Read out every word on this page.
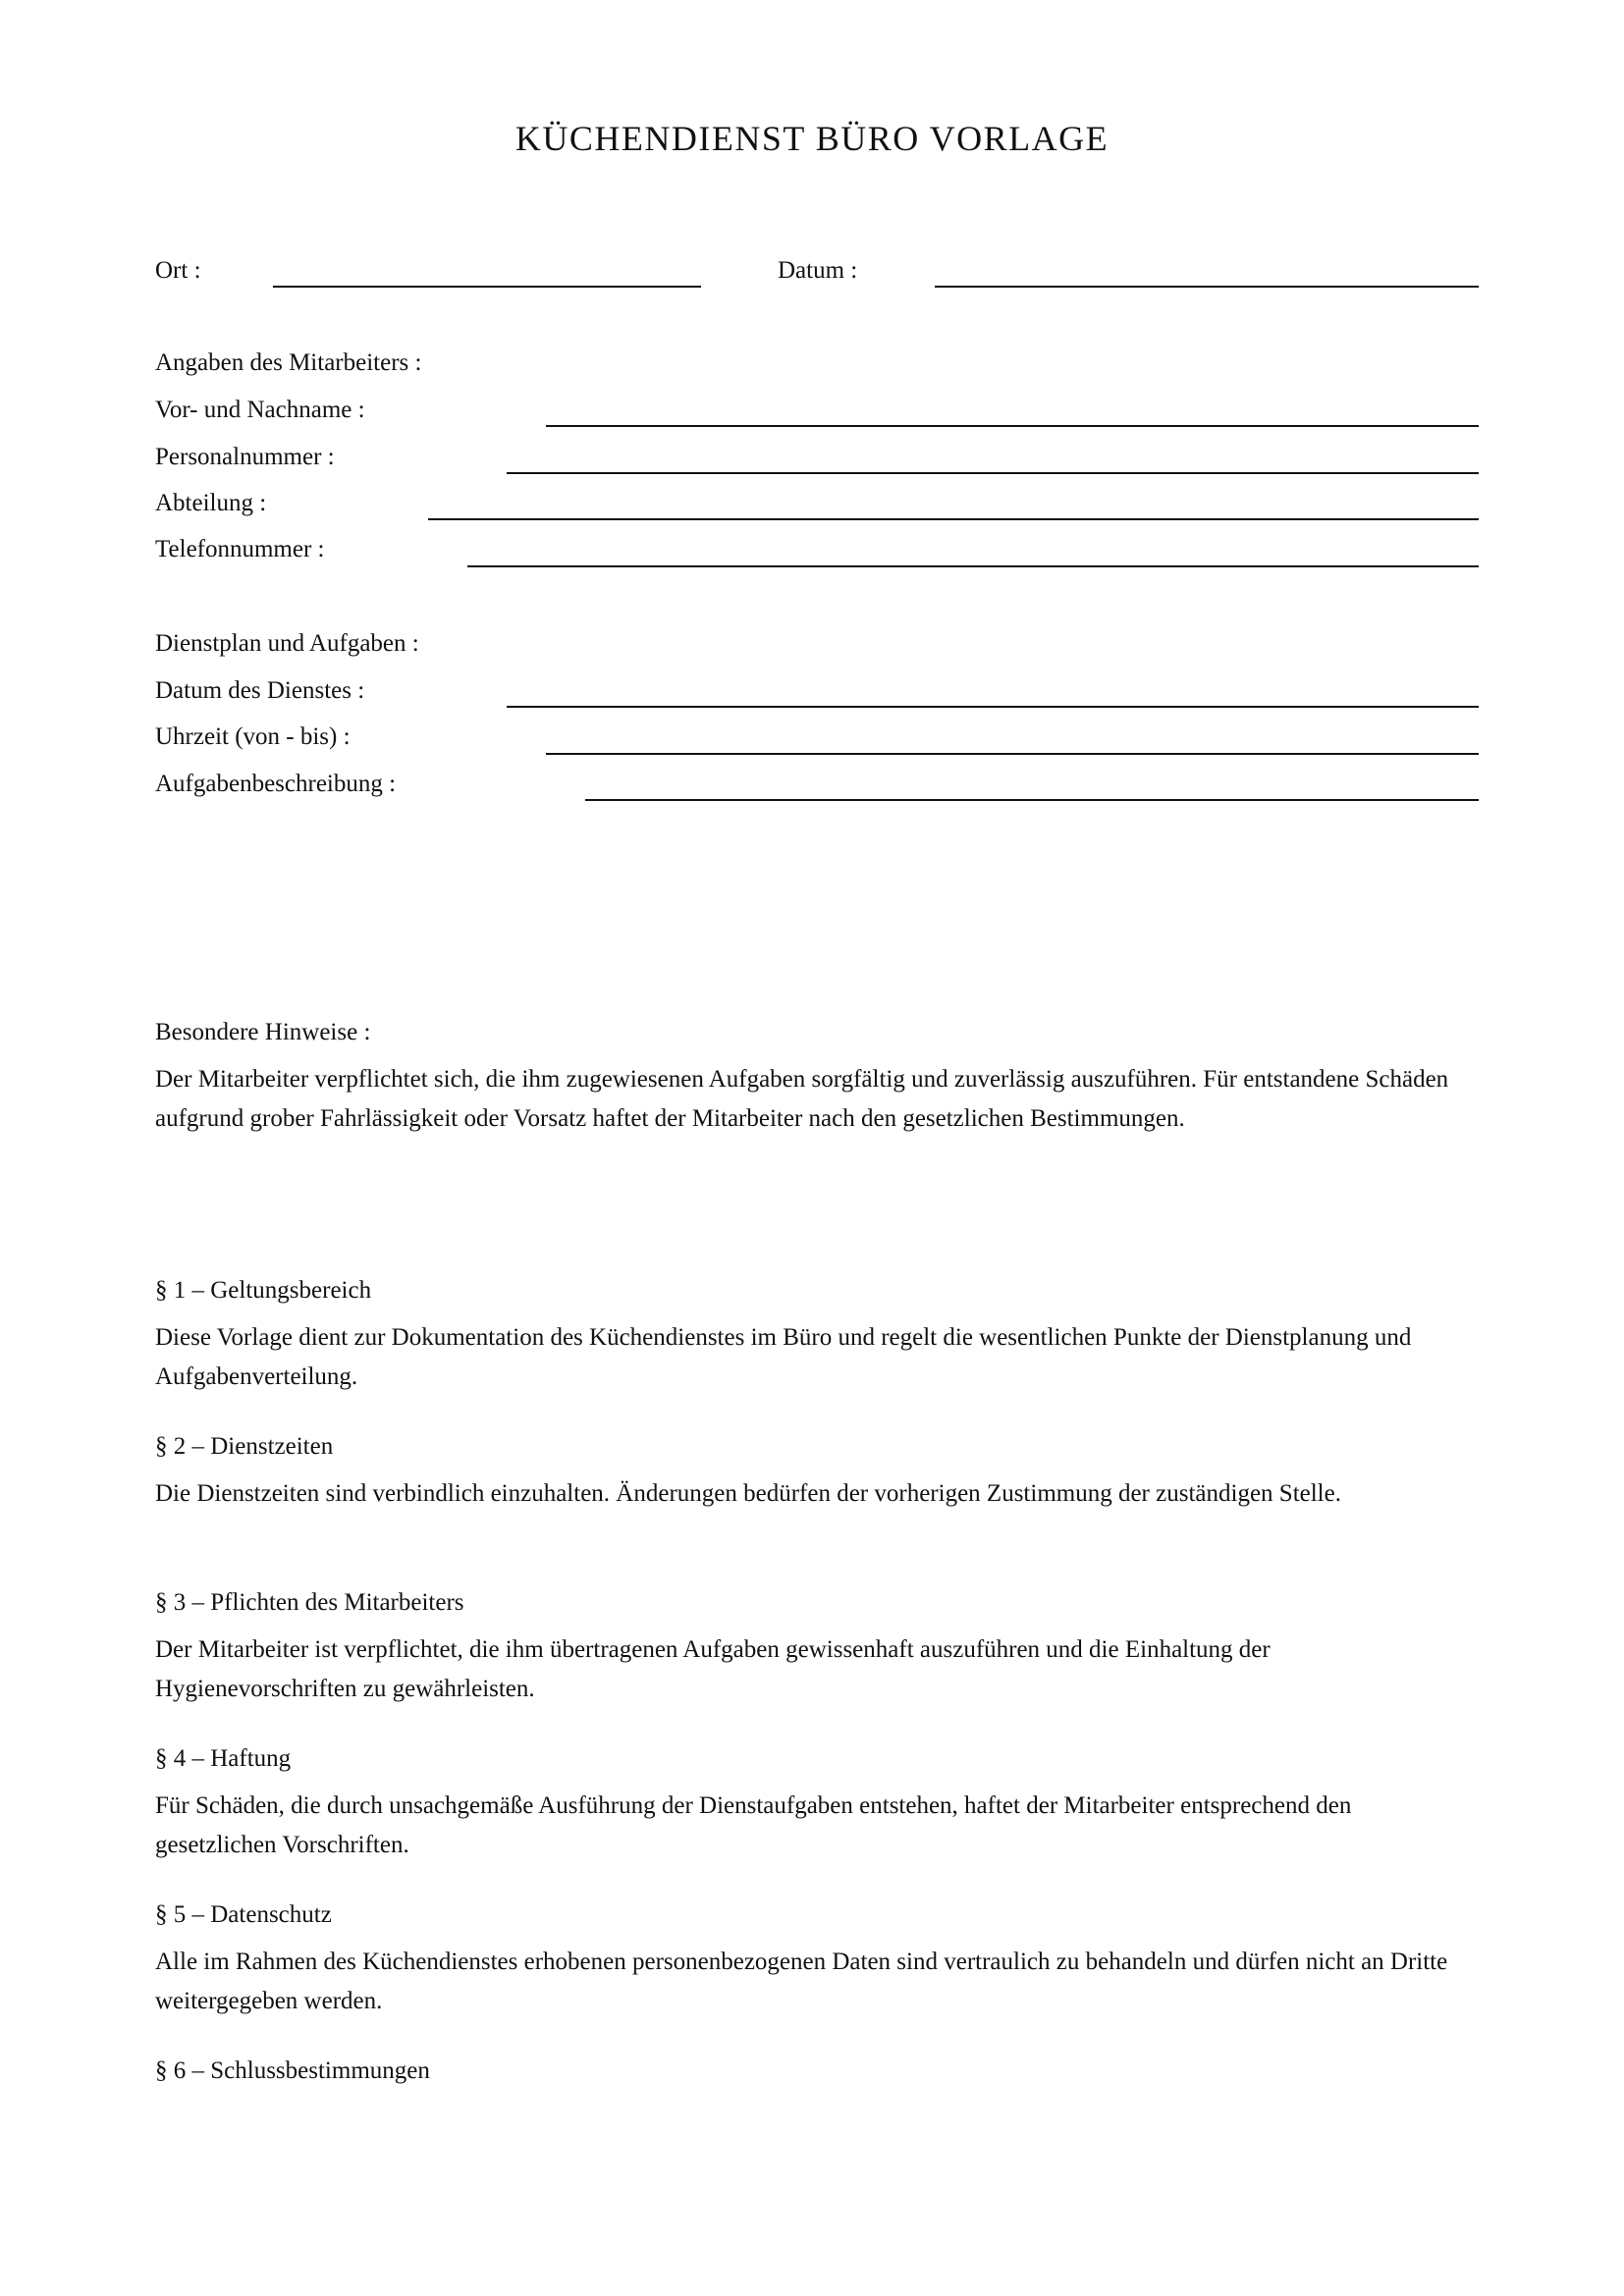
KÜCHENDIENST BÜRO VORLAGE
Ort :	Datum :
Angaben des Mitarbeiters :
Vor- und Nachname :
Personalnummer :
Abteilung :
Telefonnummer :
Dienstplan und Aufgaben :
Datum des Dienstes :
Uhrzeit (von - bis) :
Aufgabenbeschreibung :
Besondere Hinweise :
Der Mitarbeiter verpflichtet sich, die ihm zugewiesenen Aufgaben sorgfältig und zuverlässig auszuführen. Für entstandene Schäden aufgrund grober Fahrlässigkeit oder Vorsatz haftet der Mitarbeiter nach den gesetzlichen Bestimmungen.
§ 1 – Geltungsbereich
Diese Vorlage dient zur Dokumentation des Küchendienstes im Büro und regelt die wesentlichen Punkte der Dienstplanung und Aufgabenverteilung.
§ 2 – Dienstzeiten
Die Dienstzeiten sind verbindlich einzuhalten. Änderungen bedürfen der vorherigen Zustimmung der zuständigen Stelle.
§ 3 – Pflichten des Mitarbeiters
Der Mitarbeiter ist verpflichtet, die ihm übertragenen Aufgaben gewissenhaft auszuführen und die Einhaltung der Hygienevorschriften zu gewährleisten.
§ 4 – Haftung
Für Schäden, die durch unsachgemäße Ausführung der Dienstaufgaben entstehen, haftet der Mitarbeiter entsprechend den gesetzlichen Vorschriften.
§ 5 – Datenschutz
Alle im Rahmen des Küchendienstes erhobenen personenbezogenen Daten sind vertraulich zu behandeln und dürfen nicht an Dritte weitergegeben werden.
§ 6 – Schlussbestimmungen
